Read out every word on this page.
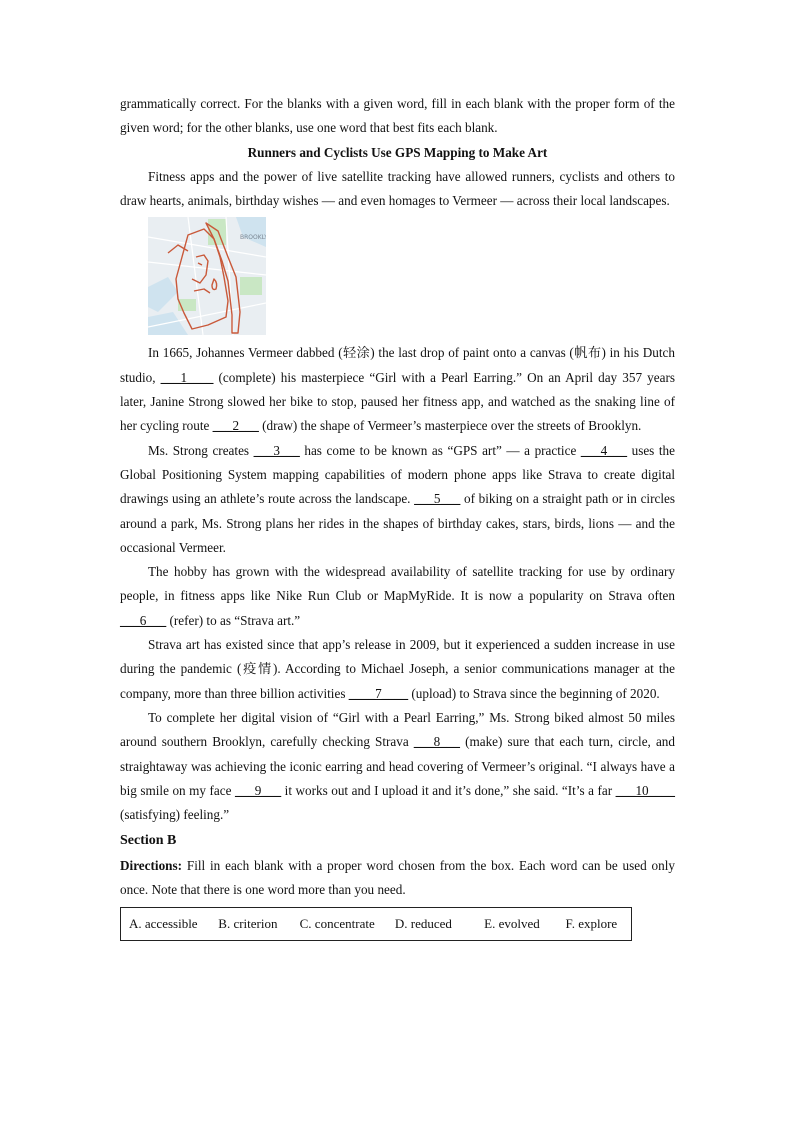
grammatically correct. For the blanks with a given word, fill in each blank with the proper form of the given word; for the other blanks, use one word that best fits each blank.

Runners and Cyclists Use GPS Mapping to Make Art

Fitness apps and the power of live satellite tracking have allowed runners, cyclists and others to draw hearts, animals, birthday wishes — and even homages to Vermeer — across their local landscapes.

BROOKLY

In 1665, Johannes Vermeer dabbed (轻涂) the last drop of paint onto a canvas (帆布) in his Dutch studio, ___1____ (complete) his masterpiece “Girl with a Pearl Earring.” On an April day 357 years later, Janine Strong slowed her bike to stop, paused her fitness app, and watched as the snaking line of her cycling route ___2___ (draw) the shape of Vermeer’s masterpiece over the streets of Brooklyn.

Ms. Strong creates ___3___ has come to be known as “GPS art” — a practice ___4___ uses the Global Positioning System mapping capabilities of modern phone apps like Strava to create digital drawings using an athlete’s route across the landscape. ___5___ of biking on a straight path or in circles around a park, Ms. Strong plans her rides in the shapes of birthday cakes, stars, birds, lions — and the occasional Vermeer.

The hobby has grown with the widespread availability of satellite tracking for use by ordinary people, in fitness apps like Nike Run Club or MapMyRide. It is now a popularity on Strava often ___6___ (refer) to as “Strava art.”

Strava art has existed since that app’s release in 2009, but it experienced a sudden increase in use during the pandemic (疫情). According to Michael Joseph, a senior communications manager at the company, more than three billion activities ____7____ (upload) to Strava since the beginning of 2020.

To complete her digital vision of “Girl with a Pearl Earring,” Ms. Strong biked almost 50 miles around southern Brooklyn, carefully checking Strava ___8___ (make) sure that each turn, circle, and straightaway was achieving the iconic earring and head covering of Vermeer’s original. “I always have a big smile on my face ___9___ it works out and I upload it and it’s done,” she said. “It’s a far ___10____ (satisfying) feeling.”

Section B

Directions: Fill in each blank with a proper word chosen from the box. Each word can be used only once. Note that there is one word more than you need.

A. accessible	B. criterion	C. concentrate	D. reduced	E. evolved	F. explore
